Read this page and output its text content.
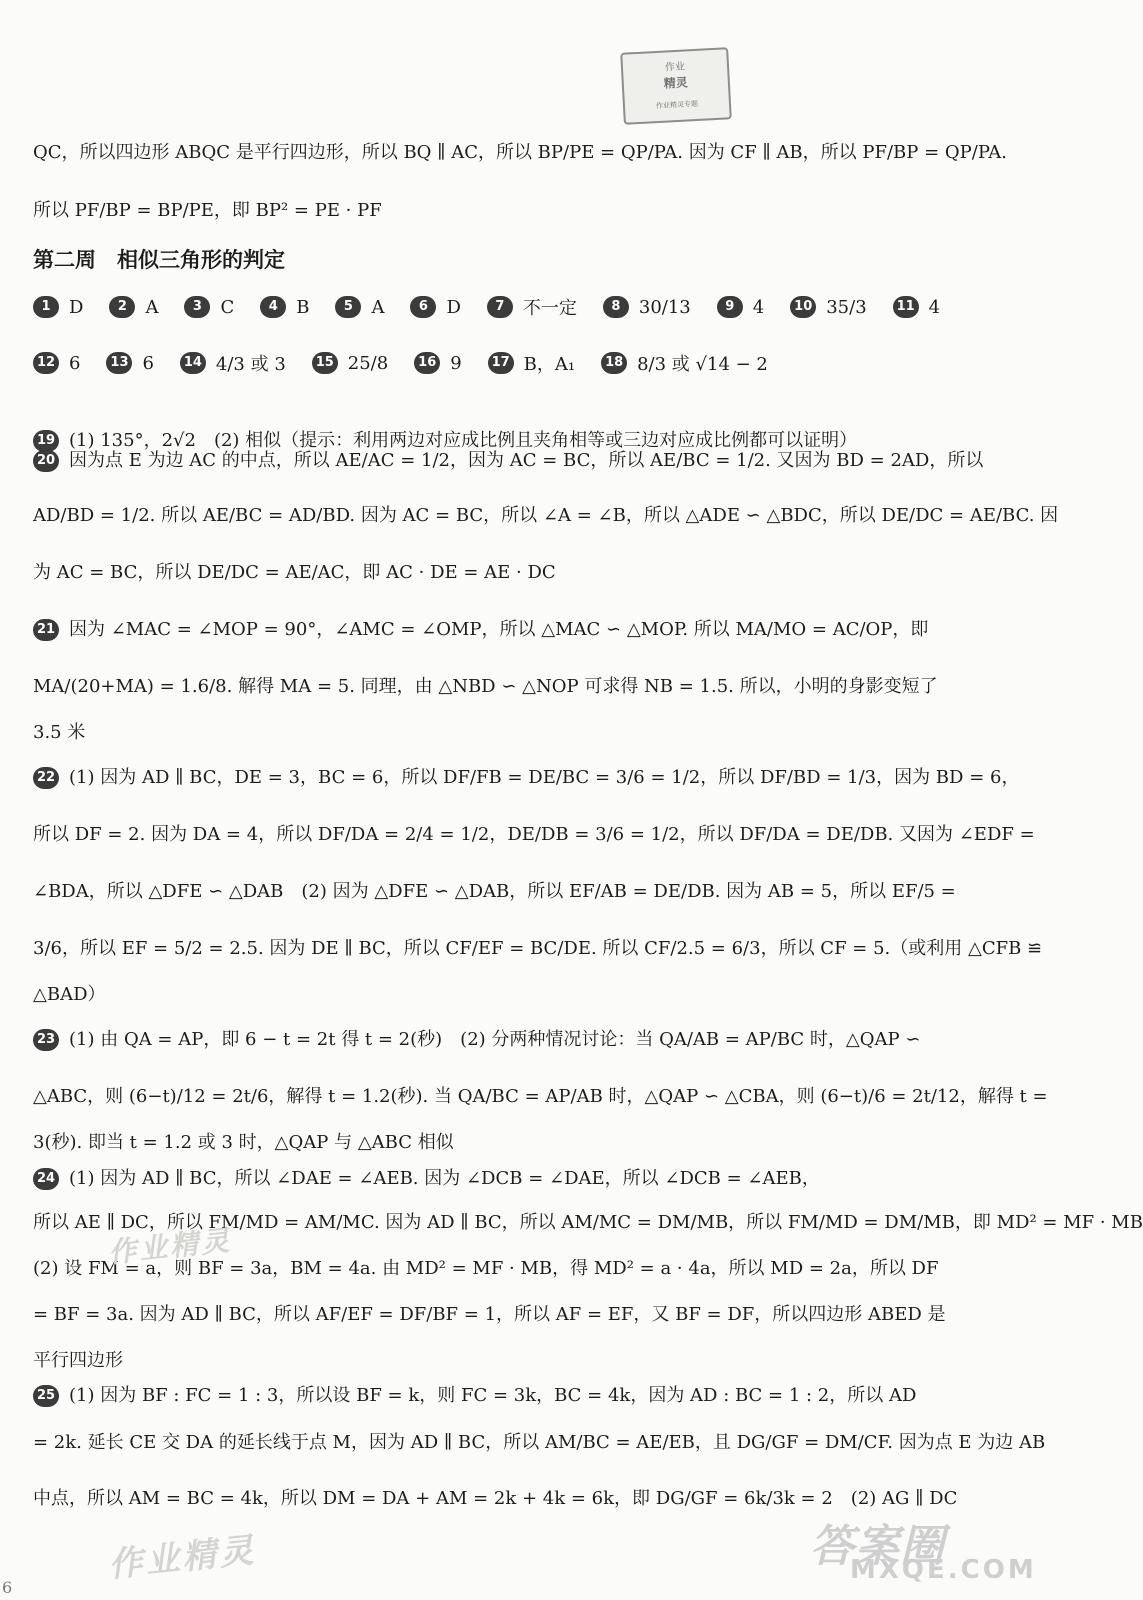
作业
精灵
作业精灵专题
QC，所以四边形 ABQC 是平行四边形，所以 BQ ∥ AC，所以 BP/PE = QP/PA. 因为 CF ∥ AB，所以 PF/BP = QP/PA.
所以 PF/BP = BP/PE，即 BP² = PE · PF
第二周　相似三角形的判定
1	D	2	A	3	C	4	B	5	A	6	D	7	不一定	8	30/13	9	4	10 35/3	11 4
12 6	13 6	14 4/3 或 3	15 25/8	16 9	17 B，A₁	18 8/3 或 √14 − 2
19 (1) 135°，2√2　(2) 相似（提示：利用两边对应成比例且夹角相等或三边对应成比例都可以证明）
20 因为点 E 为边 AC 的中点，所以 AE/AC = 1/2，因为 AC = BC，所以 AE/BC = 1/2. 又因为 BD = 2AD，所以
AD/BD = 1/2. 所以 AE/BC = AD/BD. 因为 AC = BC，所以 ∠A = ∠B，所以 △ADE ∽ △BDC，所以 DE/DC = AE/BC. 因
为 AC = BC，所以 DE/DC = AE/AC，即 AC · DE = AE · DC
21 因为 ∠MAC = ∠MOP = 90°，∠AMC = ∠OMP，所以 △MAC ∽ △MOP. 所以 MA/MO = AC/OP，即
MA/(20+MA) = 1.6/8. 解得 MA = 5. 同理，由 △NBD ∽ △NOP 可求得 NB = 1.5. 所以，小明的身影变短了
3.5 米
22 (1) 因为 AD ∥ BC，DE = 3，BC = 6，所以 DF/FB = DE/BC = 3/6 = 1/2，所以 DF/BD = 1/3，因为 BD = 6，
所以 DF = 2. 因为 DA = 4，所以 DF/DA = 2/4 = 1/2，DE/DB = 3/6 = 1/2，所以 DF/DA = DE/DB. 又因为 ∠EDF =
∠BDA，所以 △DFE ∽ △DAB　(2) 因为 △DFE ∽ △DAB，所以 EF/AB = DE/DB. 因为 AB = 5，所以 EF/5 =
3/6，所以 EF = 5/2 = 2.5. 因为 DE ∥ BC，所以 CF/EF = BC/DE. 所以 CF/2.5 = 6/3，所以 CF = 5.（或利用 △CFB ≌
△BAD）
23 (1) 由 QA = AP，即 6 − t = 2t 得 t = 2(秒)　(2) 分两种情况讨论：当 QA/AB = AP/BC 时，△QAP ∽
△ABC，则 (6−t)/12 = 2t/6，解得 t = 1.2(秒). 当 QA/BC = AP/AB 时，△QAP ∽ △CBA，则 (6−t)/6 = 2t/12，解得 t =
3(秒). 即当 t = 1.2 或 3 时，△QAP 与 △ABC 相似
24 (1) 因为 AD ∥ BC，所以 ∠DAE = ∠AEB. 因为 ∠DCB = ∠DAE，所以 ∠DCB = ∠AEB，
所以 AE ∥ DC，所以 FM/MD = AM/MC. 因为 AD ∥ BC，所以 AM/MC = DM/MB，所以 FM/MD = DM/MB，即 MD² = MF · MB
(2) 设 FM = a，则 BF = 3a，BM = 4a. 由 MD² = MF · MB，得 MD² = a · 4a，所以 MD = 2a，所以 DF
= BF = 3a. 因为 AD ∥ BC，所以 AF/EF = DF/BF = 1，所以 AF = EF，又 BF = DF，所以四边形 ABED 是
平行四边形
25 (1) 因为 BF : FC = 1 : 3，所以设 BF = k，则 FC = 3k，BC = 4k，因为 AD : BC = 1 : 2，所以 AD
= 2k. 延长 CE 交 DA 的延长线于点 M，因为 AD ∥ BC，所以 AM/BC = AE/EB，且 DG/GF = DM/CF. 因为点 E 为边 AB
中点，所以 AM = BC = 4k，所以 DM = DA + AM = 2k + 4k = 6k，即 DG/GF = 6k/3k = 2　(2) AG ∥ DC
作业精灵
作业精灵	答案圈
MXQE.COM
6
